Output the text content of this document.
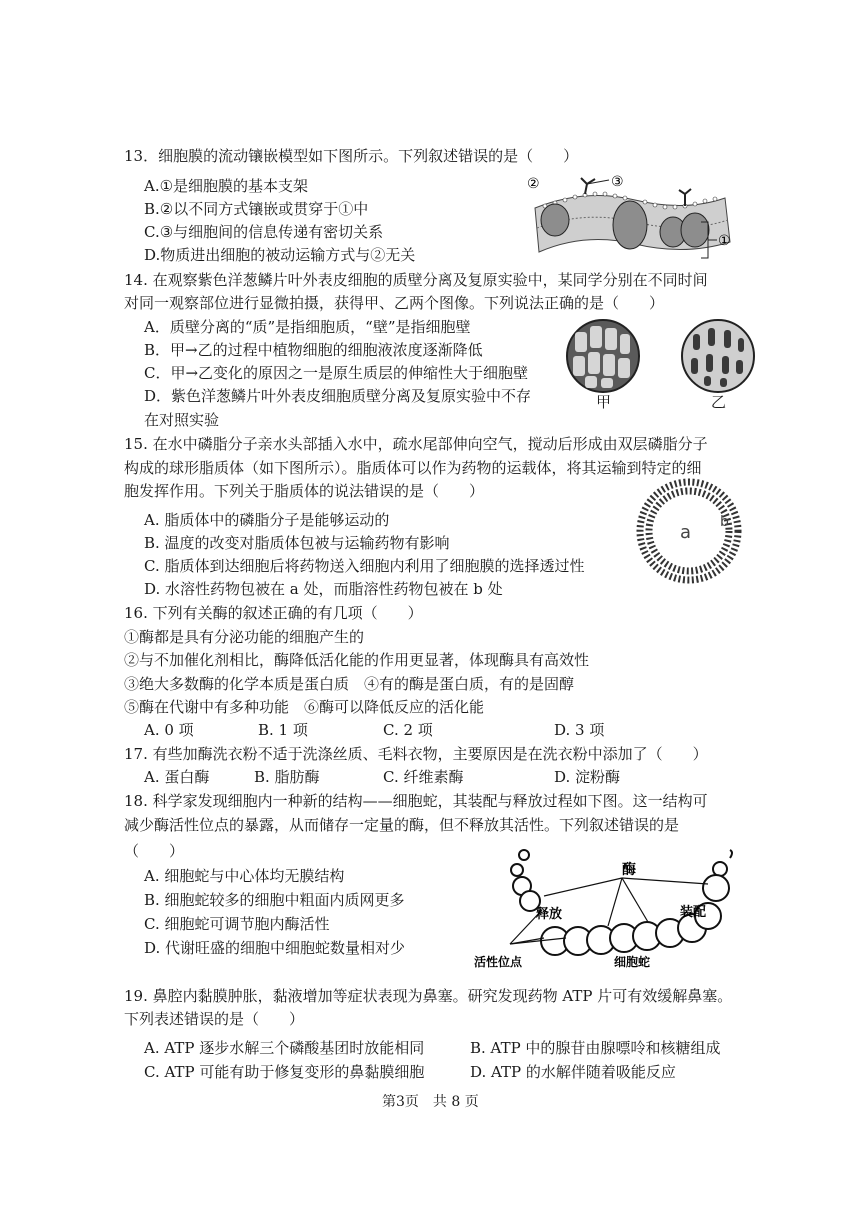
13．细胞膜的流动镶嵌模型如下图所示。下列叙述错误的是（　　）
A.①是细胞膜的基本支架
B.②以不同方式镶嵌或贯穿于①中
C.③与细胞间的信息传递有密切关系
D.物质进出细胞的被动运输方式与②无关
②	③
①
14. 在观察紫色洋葱鳞片叶外表皮细胞的质壁分离及复原实验中，某同学分别在不同时间
对同一观察部位进行显微拍摄，获得甲、乙两个图像。下列说法正确的是（　　）
A．质壁分离的“质”是指细胞质，“壁”是指细胞壁
B．甲→乙的过程中植物细胞的细胞液浓度逐渐降低
C．甲→乙变化的原因之一是原生质层的伸缩性大于细胞壁
D．紫色洋葱鳞片叶外表皮细胞质壁分离及复原实验中不存
在对照实验
甲	乙
15. 在水中磷脂分子亲水头部插入水中，疏水尾部伸向空气，搅动后形成由双层磷脂分子
构成的球形脂质体（如下图所示）。脂质体可以作为药物的运载体，将其运输到特定的细
胞发挥作用。下列关于脂质体的说法错误的是（　　）
A. 脂质体中的磷脂分子是能够运动的
B. 温度的改变对脂质体包被与运输药物有影响
C. 脂质体到达细胞后将药物送入细胞内利用了细胞膜的选择透过性
D. 水溶性药物包被在 a 处，而脂溶性药物包被在 b 处
a b
16. 下列有关酶的叙述正确的有几项（　　）
①酶都是具有分泌功能的细胞产生的
②与不加催化剂相比，酶降低活化能的作用更显著，体现酶具有高效性
③绝大多数酶的化学本质是蛋白质　④有的酶是蛋白质，有的是固醇
⑤酶在代谢中有多种功能　⑥酶可以降低反应的活化能
A. 0 项	B. 1 项	C. 2 项	D. 3 项
17. 有些加酶洗衣粉不适于洗涤丝质、毛料衣物，主要原因是在洗衣粉中添加了（　　）
A. 蛋白酶	B. 脂肪酶	C. 纤维素酶	D. 淀粉酶
18. 科学家发现细胞内一种新的结构——细胞蛇，其装配与释放过程如下图。这一结构可
减少酶活性位点的暴露，从而储存一定量的酶，但不释放其活性。下列叙述错误的是
（　　）
A. 细胞蛇与中心体均无膜结构
B. 细胞蛇较多的细胞中粗面内质网更多
C. 细胞蛇可调节胞内酶活性
D. 代谢旺盛的细胞中细胞蛇数量相对少
酶
释放	装配
活性位点	细胞蛇
19. 鼻腔内黏膜肿胀，黏液增加等症状表现为鼻塞。研究发现药物 ATP 片可有效缓解鼻塞。
下列表述错误的是（　　）
A. ATP 逐步水解三个磷酸基团时放能相同	B. ATP 中的腺苷由腺嘌呤和核糖组成
C. ATP 可能有助于修复变形的鼻黏膜细胞	D. ATP 的水解伴随着吸能反应
第3页　共 8 页
